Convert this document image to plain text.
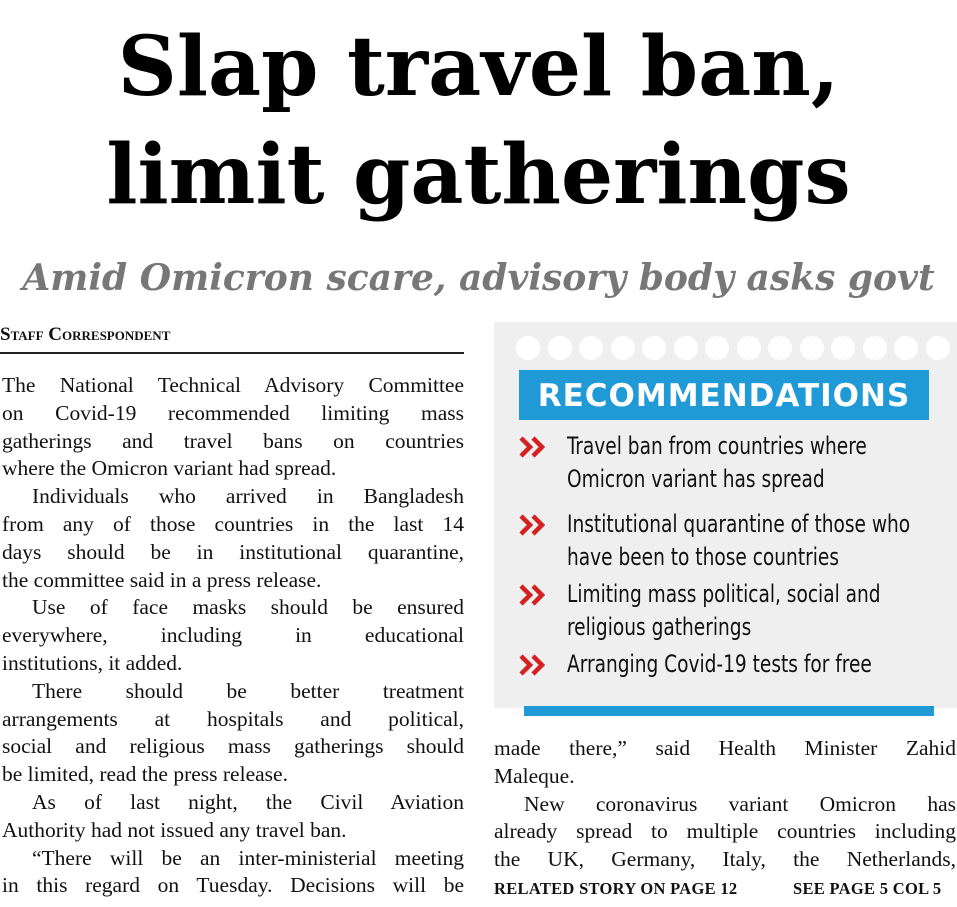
Slap travel ban,
limit gatherings
Amid Omicron scare, advisory body asks govt
Staff Correspondent
The National Technical Advisory Committee
on Covid-19 recommended limiting mass
gatherings and travel bans on countries
where the Omicron variant had spread.
Individuals who arrived in Bangladesh
from any of those countries in the last 14
days should be in institutional quarantine,
the committee said in a press release.
Use of face masks should be ensured
everywhere, including in educational
institutions, it added.
There should be better treatment
arrangements at hospitals and political,
social and religious mass gatherings should
be limited, read the press release.
As of last night, the Civil Aviation
Authority had not issued any travel ban.
“There will be an inter-ministerial meeting
in this regard on Tuesday. Decisions will be
RECOMMENDATIONS
Travel ban from countries where
Omicron variant has spread
Institutional quarantine of those who
have been to those countries
Limiting mass political, social and
religious gatherings
Arranging Covid-19 tests for free
made there,” said Health Minister Zahid
Maleque.
New coronavirus variant Omicron has
already spread to multiple countries including
the UK, Germany, Italy, the Netherlands,
RELATED STORY ON PAGE 12	SEE PAGE 5 COL 5
